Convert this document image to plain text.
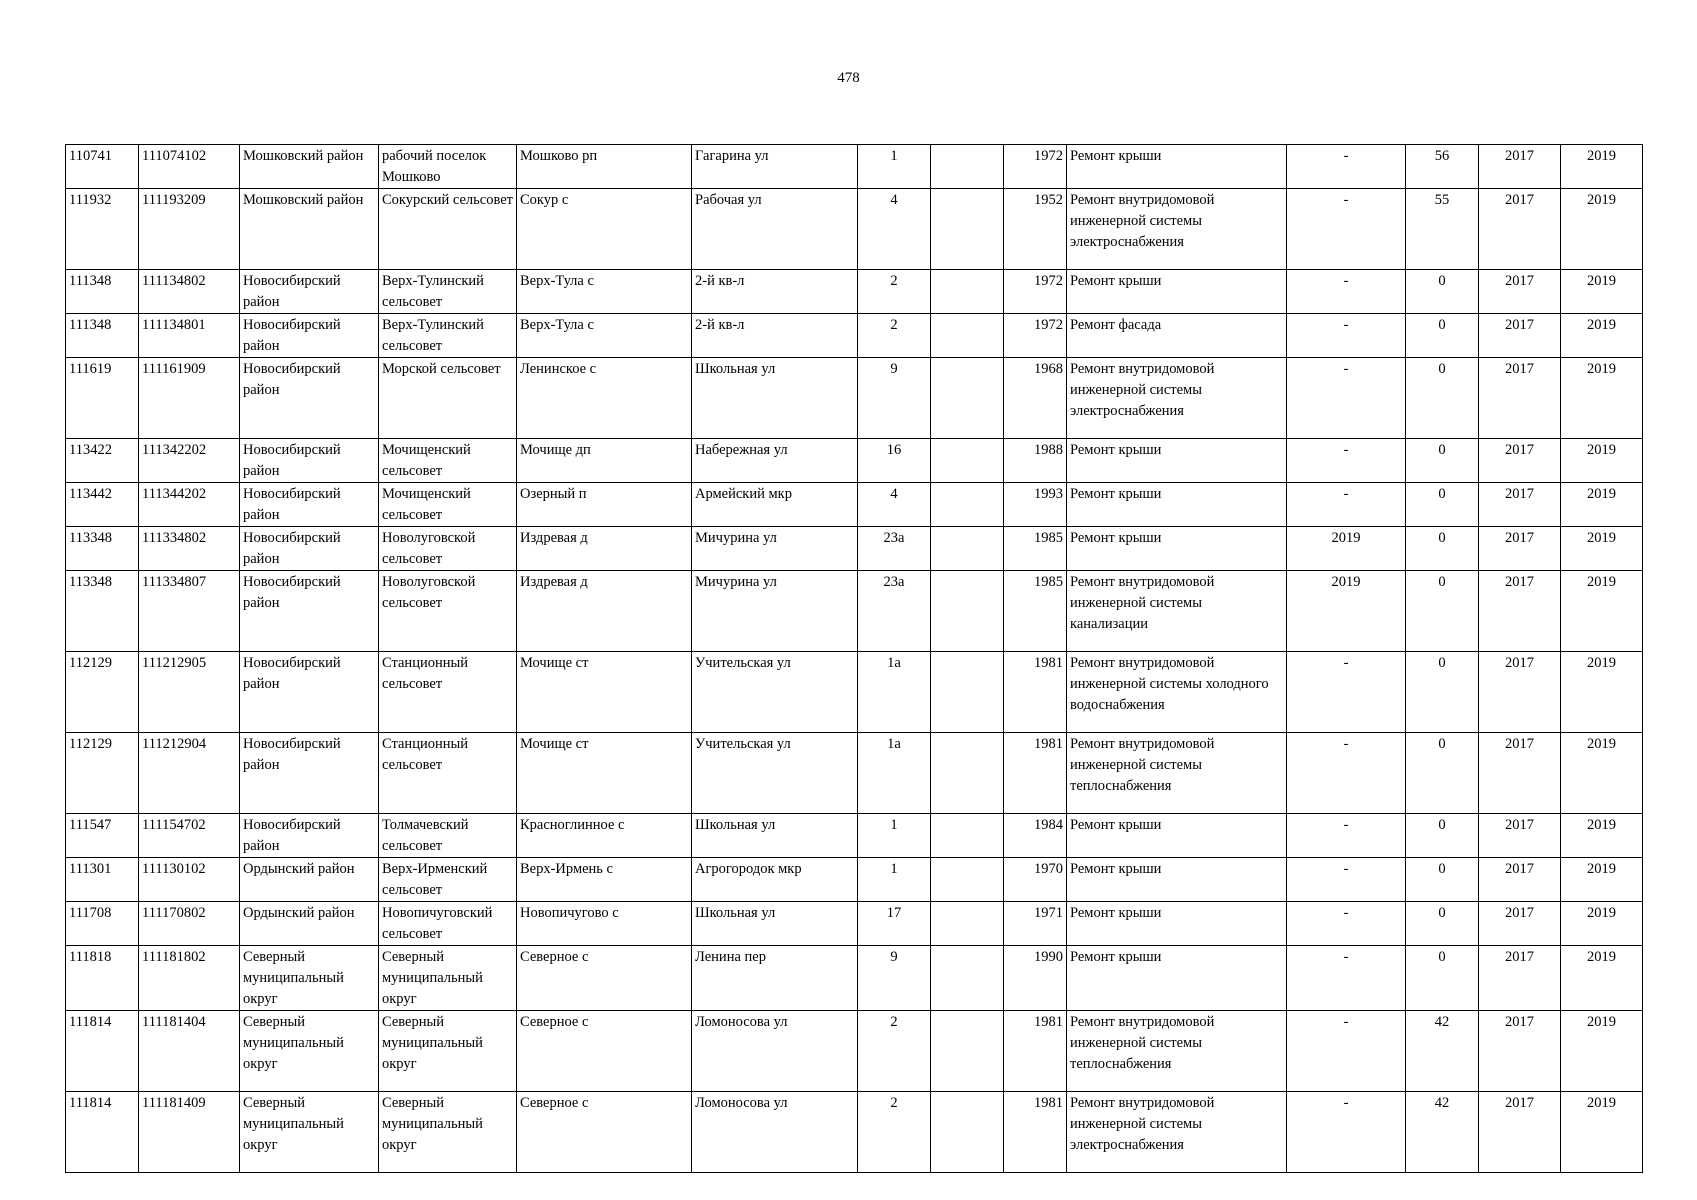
478
110741	111074102	Мошковский район	рабочий поселок Мошково	Мошково рп	Гагарина ул	1		1972	Ремонт крыши	-	56	2017	2019
111932	111193209	Мошковский район	Сокурский сельсовет	Сокур с	Рабочая ул	4		1952	Ремонт внутридомовой инженерной системы электроснабжения	-	55	2017	2019
111348	111134802	Новосибирский район	Верх-Тулинский сельсовет	Верх-Тула с	2-й кв-л	2		1972	Ремонт крыши	-	0	2017	2019
111348	111134801	Новосибирский район	Верх-Тулинский сельсовет	Верх-Тула с	2-й кв-л	2		1972	Ремонт фасада	-	0	2017	2019
111619	111161909	Новосибирский район	Морской сельсовет	Ленинское с	Школьная ул	9		1968	Ремонт внутридомовой инженерной системы электроснабжения	-	0	2017	2019
113422	111342202	Новосибирский район	Мочищенский сельсовет	Мочище дп	Набережная ул	16		1988	Ремонт крыши	-	0	2017	2019
113442	111344202	Новосибирский район	Мочищенский сельсовет	Озерный п	Армейский мкр	4		1993	Ремонт крыши	-	0	2017	2019
113348	111334802	Новосибирский район	Новолуговской сельсовет	Издревая д	Мичурина ул	23а		1985	Ремонт крыши	2019	0	2017	2019
113348	111334807	Новосибирский район	Новолуговской сельсовет	Издревая д	Мичурина ул	23а		1985	Ремонт внутридомовой инженерной системы канализации	2019	0	2017	2019
112129	111212905	Новосибирский район	Станционный сельсовет	Мочище ст	Учительская ул	1а		1981	Ремонт внутридомовой инженерной системы холодного водоснабжения	-	0	2017	2019
112129	111212904	Новосибирский район	Станционный сельсовет	Мочище ст	Учительская ул	1а		1981	Ремонт внутридомовой инженерной системы теплоснабжения	-	0	2017	2019
111547	111154702	Новосибирский район	Толмачевский сельсовет	Красноглинное с	Школьная ул	1		1984	Ремонт крыши	-	0	2017	2019
111301	111130102	Ордынский район	Верх-Ирменский сельсовет	Верх-Ирмень с	Агрогородок мкр	1		1970	Ремонт крыши	-	0	2017	2019
111708	111170802	Ордынский район	Новопичуговский сельсовет	Новопичугово с	Школьная ул	17		1971	Ремонт крыши	-	0	2017	2019
111818	111181802	Северный муниципальный округ	Северный муниципальный округ	Северное с	Ленина пер	9		1990	Ремонт крыши	-	0	2017	2019
111814	111181404	Северный муниципальный округ	Северный муниципальный округ	Северное с	Ломоносова ул	2		1981	Ремонт внутридомовой инженерной системы теплоснабжения	-	42	2017	2019
111814	111181409	Северный муниципальный округ	Северный муниципальный округ	Северное с	Ломоносова ул	2		1981	Ремонт внутридомовой инженерной системы электроснабжения	-	42	2017	2019
